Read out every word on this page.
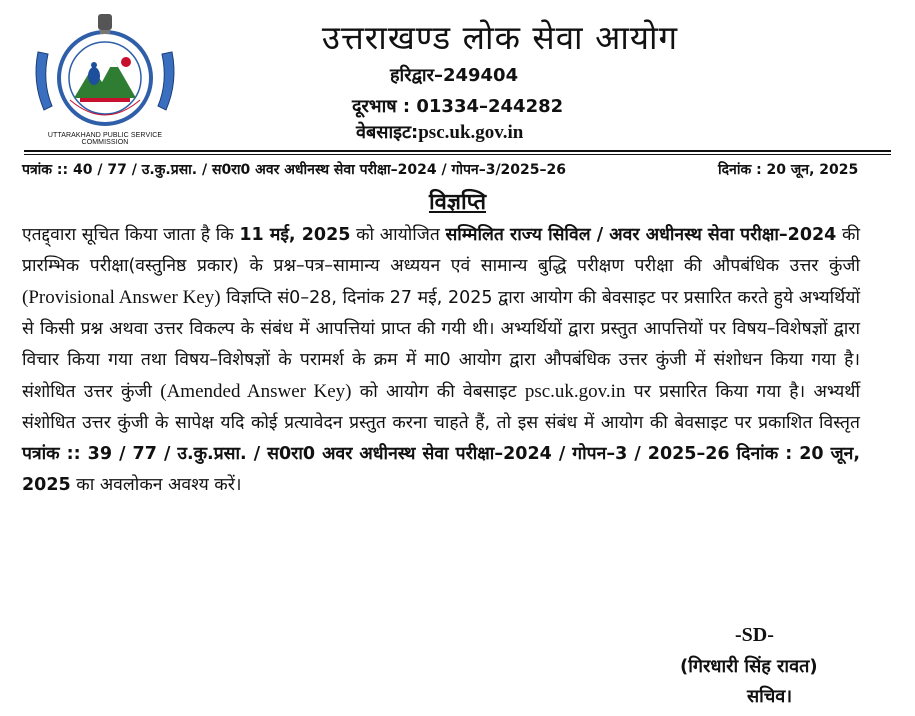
UTTARAKHAND PUBLIC SERVICE COMMISSION
उत्तराखण्ड लोक सेवा आयोग
हरिद्वार–249404
दूरभाष : 01334–244282
वेबसाइट:psc.uk.gov.in
पत्रांक :: 40 / 77 / उ.कु.प्रसा. / स0रा0 अवर अधीनस्थ सेवा परीक्षा–2024 / गोपन–3/2025–26	दिनांक : 20 जून, 2025
विज्ञप्ति
एतद्द्वारा सूचित किया जाता है कि 11 मई, 2025 को आयोजित सम्मिलित राज्य सिविल / अवर अधीनस्थ सेवा परीक्षा–2024 की प्रारम्भिक परीक्षा(वस्तुनिष्ठ प्रकार) के प्रश्न–पत्र–सामान्य अध्ययन एवं सामान्य बुद्धि परीक्षण परीक्षा की औपबंधिक उत्तर कुंजी (Provisional Answer Key) विज्ञप्ति सं0–28, दिनांक 27 मई, 2025 द्वारा आयोग की बेवसाइट पर प्रसारित करते हुये अभ्यर्थियों से किसी प्रश्न अथवा उत्तर विकल्प के संबंध में आपत्तियां प्राप्त की गयी थी। अभ्यर्थियों द्वारा प्रस्तुत आपत्तियों पर विषय–विशेषज्ञों द्वारा विचार किया गया तथा विषय–विशेषज्ञों के परामर्श के क्रम में मा0 आयोग द्वारा औपबंधिक उत्तर कुंजी में संशोधन किया गया है। संशोधित उत्तर कुंजी (Amended Answer Key) को आयोग की वेबसाइट psc.uk.gov.in पर प्रसारित किया गया है। अभ्यर्थी संशोधित उत्तर कुंजी के सापेक्ष यदि कोई प्रत्यावेदन प्रस्तुत करना चाहते हैं, तो इस संबंध में आयोग की बेवसाइट पर प्रकाशित विस्तृत पत्रांक :: 39 / 77 / उ.कु.प्रसा. / स0रा0 अवर अधीनस्थ सेवा परीक्षा–2024 / गोपन–3 / 2025–26 दिनांक : 20 जून, 2025 का अवलोकन अवश्य करें।
-SD-
(गिरधारी सिंह रावत)
सचिव।
